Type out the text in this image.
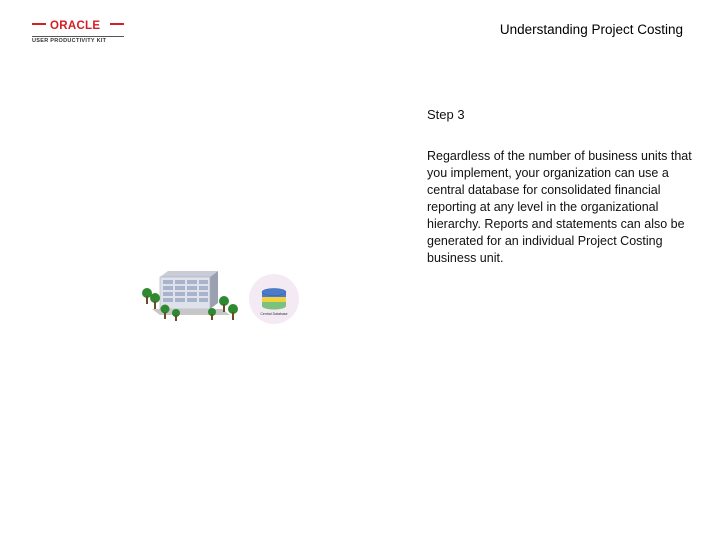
ORACLE
USER PRODUCTIVITY KIT
Understanding Project Costing
Step 3
Regardless of the number of business units that you implement, your organization can use a central database for consolidated financial reporting at any level in the organizational hierarchy. Reports and statements can also be generated for an individual Project Costing business unit.
Central Database
